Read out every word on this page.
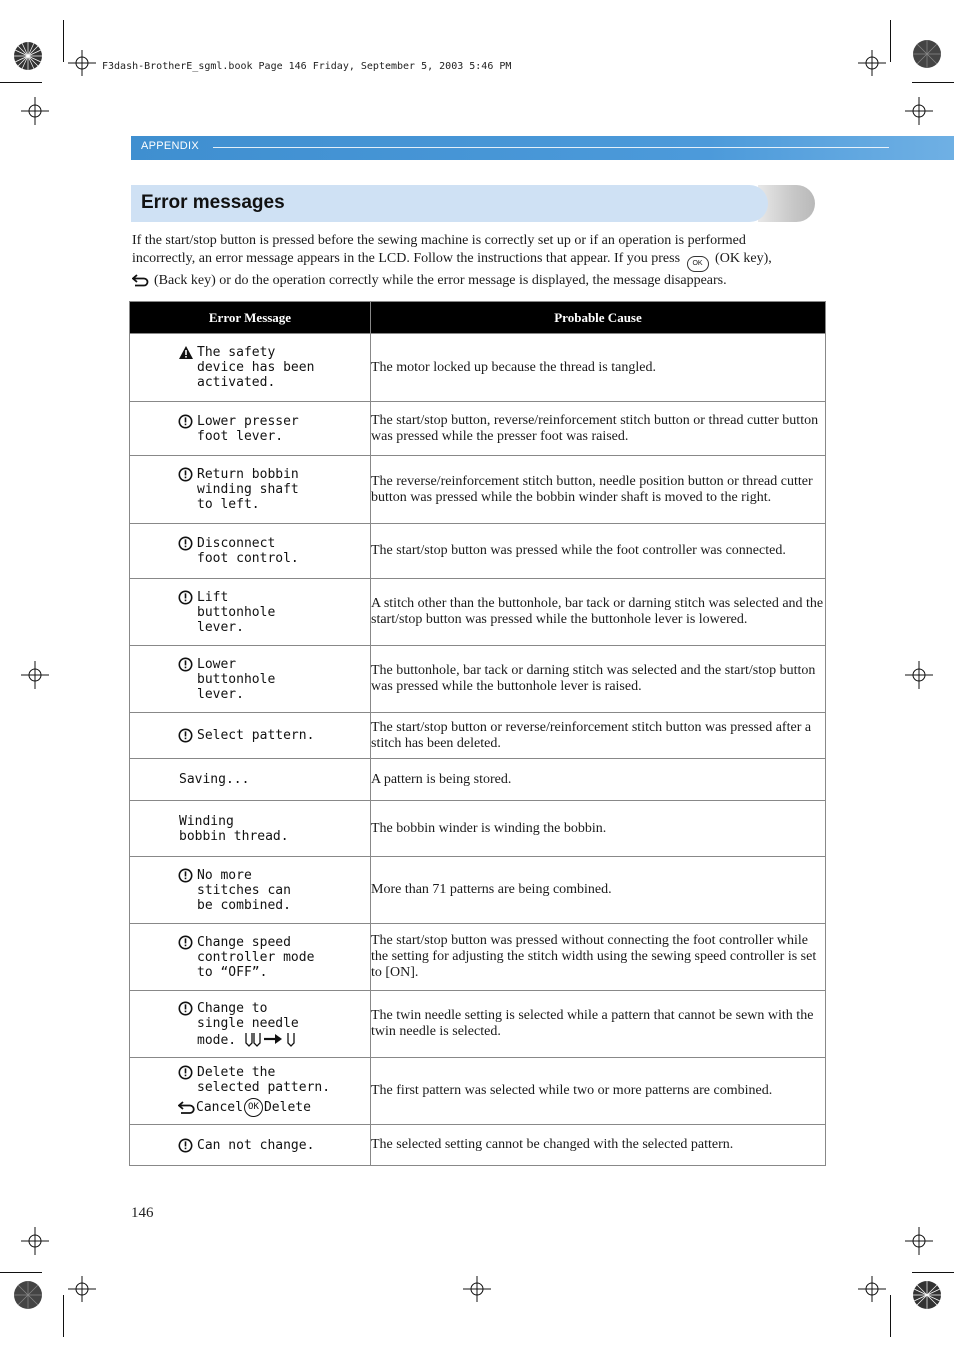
F3dash-BrotherE_sgml.book Page 146 Friday, September 5, 2003 5:46 PM
APPENDIX
Error messages
If the start/stop button is pressed before the sewing machine is correctly set up or if an operation is performed
incorrectly, an error message appears in the LCD. Follow the instructions that appear. If you press OK (OK key),
(Back key) or do the operation correctly while the error message is displayed, the message disappears.
Error Message	Probable Cause

The safety
device has been
activated.	The motor locked up because the thread is tangled.

Lower presser
foot lever.	The start/stop button, reverse/reinforcement stitch button or thread cutter button was pressed while the presser foot was raised.

Return bobbin
winding shaft
to left.	The reverse/reinforcement stitch button, needle position button or thread cutter button was pressed while the bobbin winder shaft is moved to the right.

Disconnect
foot control.	The start/stop button was pressed while the foot controller was connected.

Lift
buttonhole
lever.	A stitch other than the buttonhole, bar tack or darning stitch was selected and the start/stop button was pressed while the buttonhole lever is lowered.

Lower
buttonhole
lever.	The buttonhole, bar tack or darning stitch was selected and the start/stop button was pressed while the buttonhole lever is raised.

Select pattern.	The start/stop button or reverse/reinforcement stitch button was pressed after a stitch has been deleted.

Saving...	A pattern is being stored.

Winding
bobbin thread.	The bobbin winder is winding the bobbin.

No more
stitches can
be combined.	More than 71 patterns are being combined.

Change speed
controller mode
to “OFF”.	The start/stop button was pressed without connecting the foot controller while the setting for adjusting the stitch width using the sewing speed controller is set to [ON].

Change to
single needle
mode.	The twin needle setting is selected while a pattern that cannot be sewn with the twin needle is selected.

Delete the
selected pattern.
Cancel OK Delete	The first pattern was selected while two or more patterns are combined.

Can not change.	The selected setting cannot be changed with the selected pattern.
146
